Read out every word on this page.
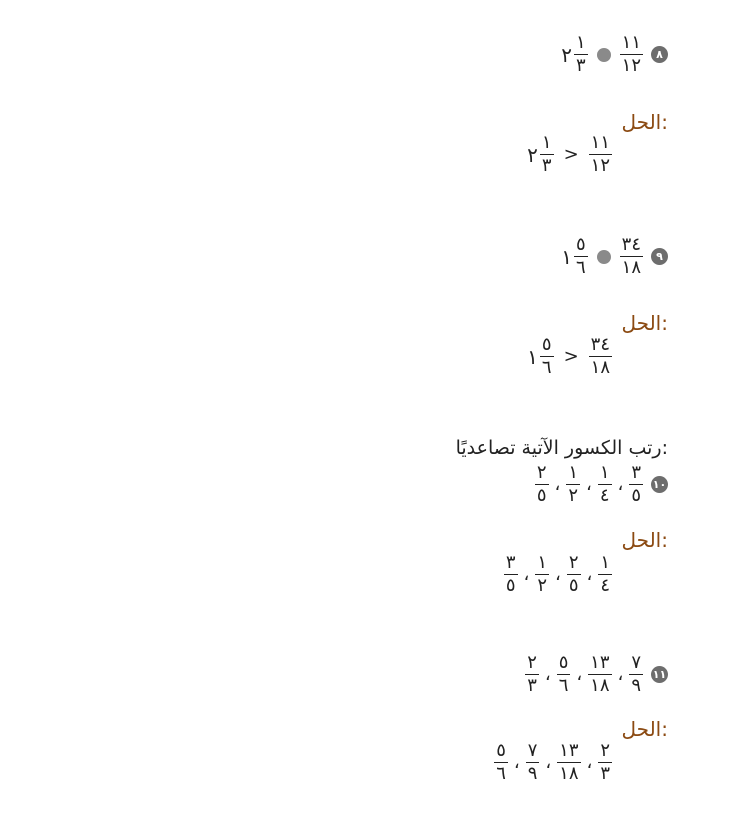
٨
$\frac{١١}{١٢}$
$\frac{١}{٣}$
٢
الحل:
$\frac{١١}{١٢}$
>
$\frac{١}{٣}$
٢
٩
$\frac{٣٤}{١٨}$
$\frac{٥}{٦}$
١
الحل:
$\frac{٣٤}{١٨}$
>
$\frac{٥}{٦}$
١
رتب الكسور الآتية تصاعديًا:
١٠
$\frac{٣}{٥}$
،
$\frac{١}{٤}$
،
$\frac{١}{٢}$
،
$\frac{٢}{٥}$
الحل:
$\frac{١}{٤}$
،
$\frac{٢}{٥}$
،
$\frac{١}{٢}$
،
$\frac{٣}{٥}$
١١
$\frac{٧}{٩}$
،
$\frac{١٣}{١٨}$
،
$\frac{٥}{٦}$
،
$\frac{٢}{٣}$
الحل:
$\frac{٢}{٣}$
،
$\frac{١٣}{١٨}$
،
$\frac{٧}{٩}$
،
$\frac{٥}{٦}$
